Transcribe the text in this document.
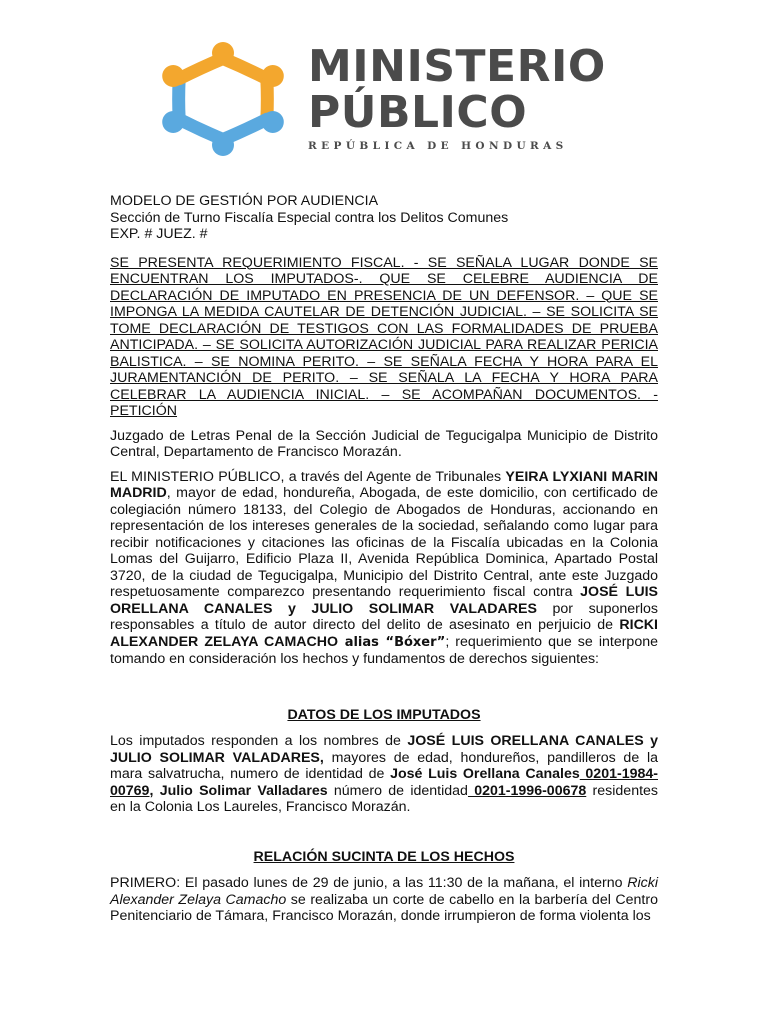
MINISTERIO
PÚBLICO
REPÚBLICA DE HONDURAS

MODELO DE GESTIÓN POR AUDIENCIA

Sección de Turno Fiscalía Especial contra los Delitos Comunes

EXP. # JUEZ. #

SE PRESENTA REQUERIMIENTO FISCAL. - SE SEÑALA LUGAR DONDE SE ENCUENTRAN LOS IMPUTADOS-. QUE SE CELEBRE AUDIENCIA DE DECLARACIÓN DE IMPUTADO EN PRESENCIA DE UN DEFENSOR. – QUE SE IMPONGA LA MEDIDA CAUTELAR DE DETENCIÓN JUDICIAL. – SE SOLICITA SE TOME DECLARACIÓN DE TESTIGOS CON LAS FORMALIDADES DE PRUEBA ANTICIPADA. – SE SOLICITA AUTORIZACIÓN JUDICIAL PARA REALIZAR PERICIA BALISTICA. – SE NOMINA PERITO. – SE SEÑALA FECHA Y HORA PARA EL JURAMENTANCIÓN DE PERITO. – SE SEÑALA LA FECHA Y HORA PARA CELEBRAR LA AUDIENCIA INICIAL. – SE ACOMPAÑAN DOCUMENTOS. - PETICIÓN

Juzgado de Letras Penal de la Sección Judicial de Tegucigalpa Municipio de Distrito Central, Departamento de Francisco Morazán.

EL MINISTERIO PÚBLICO, a través del Agente de Tribunales YEIRA LYXIANI MARIN MADRID, mayor de edad, hondureña, Abogada, de este domicilio, con certificado de colegiación número 18133, del Colegio de Abogados de Honduras, accionando en representación de los intereses generales de la sociedad, señalando como lugar para recibir notificaciones y citaciones las oficinas de la Fiscalía ubicadas en la Colonia Lomas del Guijarro, Edificio Plaza II, Avenida República Dominica, Apartado Postal 3720, de la ciudad de Tegucigalpa, Municipio del Distrito Central, ante este Juzgado respetuosamente comparezco presentando requerimiento fiscal contra JOSÉ LUIS ORELLANA CANALES y JULIO SOLIMAR VALADARES por suponerlos responsables a título de autor directo del delito de asesinato en perjuicio de RICKI ALEXANDER ZELAYA CAMACHO alias “Bóxer”; requerimiento que se interpone tomando en consideración los hechos y fundamentos de derechos siguientes:

DATOS DE LOS IMPUTADOS

Los imputados responden a los nombres de JOSÉ LUIS ORELLANA CANALES y JULIO SOLIMAR VALADARES, mayores de edad, hondureños, pandilleros de la mara salvatrucha, numero de identidad de José Luis Orellana Canales 0201-1984-00769, Julio Solimar Valladares número de identidad 0201-1996-00678 residentes en la Colonia Los Laureles, Francisco Morazán.

RELACIÓN SUCINTA DE LOS HECHOS

PRIMERO: El pasado lunes de 29 de junio, a las 11:30 de la mañana, el interno Ricki Alexander Zelaya Camacho se realizaba un corte de cabello en la barbería del Centro Penitenciario de Támara, Francisco Morazán, donde irrumpieron de forma violenta los
